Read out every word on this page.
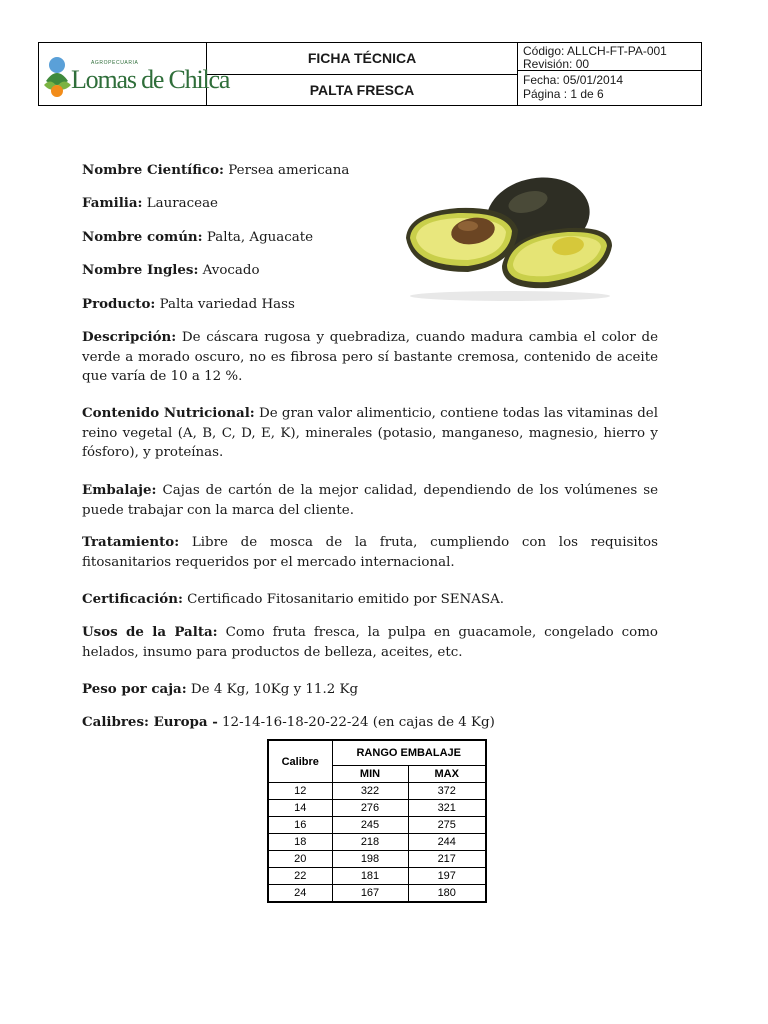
AGROPECUARIA
Lomas de Chilca
FICHA TÉCNICA
PALTA FRESCA
Código: ALLCH-FT-PA-001
Revisión: 00
Fecha: 05/01/2014
Página : 1 de 6
Nombre Científico: Persea americana
Familia: Lauraceae
Nombre común: Palta, Aguacate
Nombre Ingles: Avocado
Producto: Palta variedad Hass
Descripción: De cáscara rugosa y quebradiza, cuando madura cambia el color de verde a morado oscuro, no es fibrosa pero sí bastante cremosa, contenido de aceite que varía de 10 a 12 %.
Contenido Nutricional: De gran valor alimenticio, contiene todas las vitaminas del reino vegetal (A, B, C, D, E, K), minerales (potasio, manganeso, magnesio, hierro y fósforo), y proteínas.
Embalaje: Cajas de cartón de la mejor calidad, dependiendo de los volúmenes se puede trabajar con la marca del cliente.
Tratamiento: Libre de mosca de la fruta, cumpliendo con los requisitos fitosanitarios requeridos por el mercado internacional.
Certificación: Certificado Fitosanitario emitido por SENASA.
Usos de la Palta: Como fruta fresca, la pulpa en guacamole, congelado como helados, insumo para productos de belleza, aceites, etc.
Peso por caja: De 4 Kg, 10Kg y 11.2 Kg
Calibres: Europa - 12-14-16-18-20-22-24 (en cajas de 4 Kg)
Calibre	RANGO EMBALAJE	
	MIN	MAX
12	322	372
14	276	321
16	245	275
18	218	244
20	198	217
22	181	197
24	167	180
